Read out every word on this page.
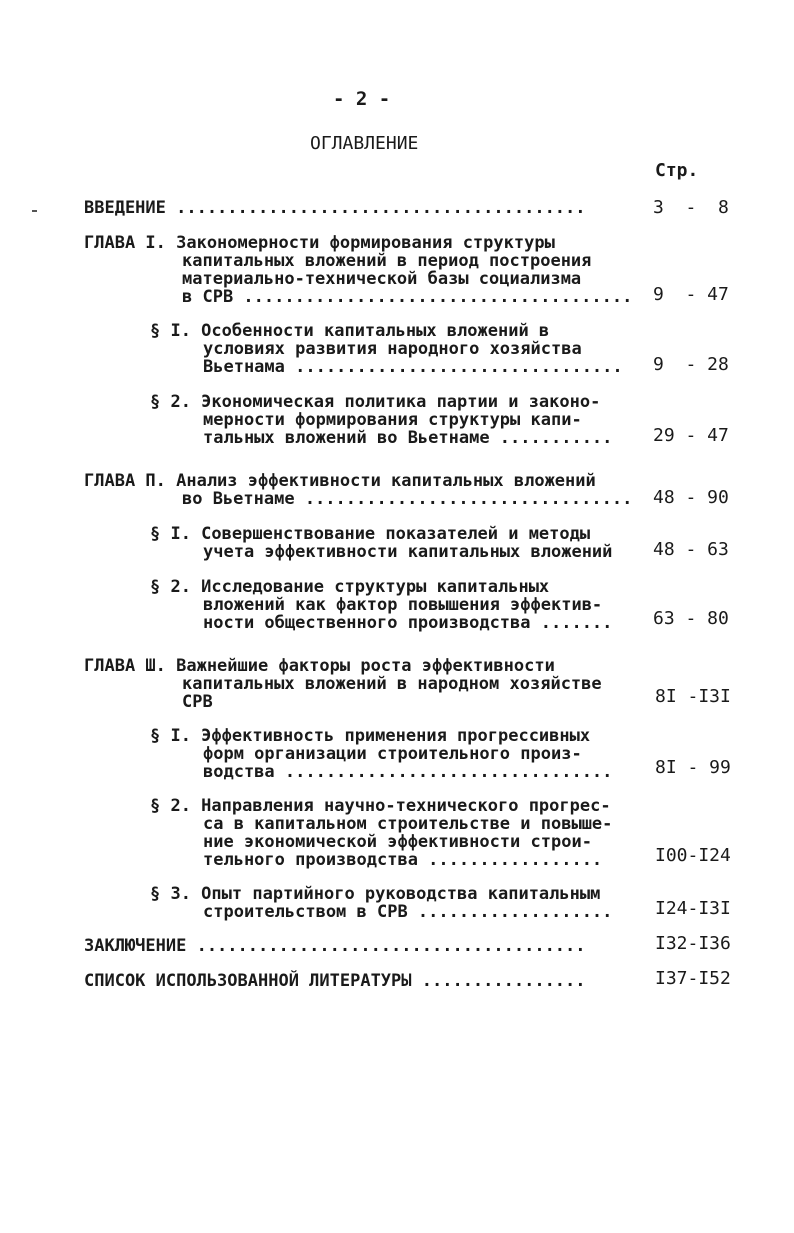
- 2 -
ОГЛАВЛЕНИЕ
Стр.
ВВЕДЕНИЕ ........................................	3  -  8
ГЛАВА I. Закономерности формирования структуры
капитальных вложений в период построения
материально-технической базы социализма
в СРВ ...................................... 9  - 47
§ I. Особенности капитальных вложений в
условиях развития народного хозяйства
Вьетнама ................................ 9  - 28
§ 2. Экономическая политика партии и законо-
мерности формирования структуры капи-
тальных вложений во Вьетнаме ........... 29 - 47
ГЛАВА П. Анализ эффективности капитальных вложений
во Вьетнаме ................................ 48 - 90
§ I. Совершенствование показателей и методы
учета эффективности капитальных вложений 48 - 63
§ 2. Исследование структуры капитальных
вложений как фактор повышения эффектив-
ности общественного производства ....... 63 - 80
ГЛАВА Ш. Важнейшие факторы роста эффективности
капитальных вложений в народном хозяйстве
СРВ	8I -I3I
§ I. Эффективность применения прогрессивных
форм организации строительного произ-
водства ................................ 8I - 99
§ 2. Направления научно-технического прогрес-
са в капитальном строительстве и повыше-
ние экономической эффективности строи-
тельного производства .................	I00-I24
§ 3. Опыт партийного руководства капитальным
строительством в СРВ ................... I24-I3I
ЗАКЛЮЧЕНИЕ ......................................	I32-I36
СПИСОК ИСПОЛЬЗОВАННОЙ ЛИТЕРАТУРЫ ................	I37-I52
